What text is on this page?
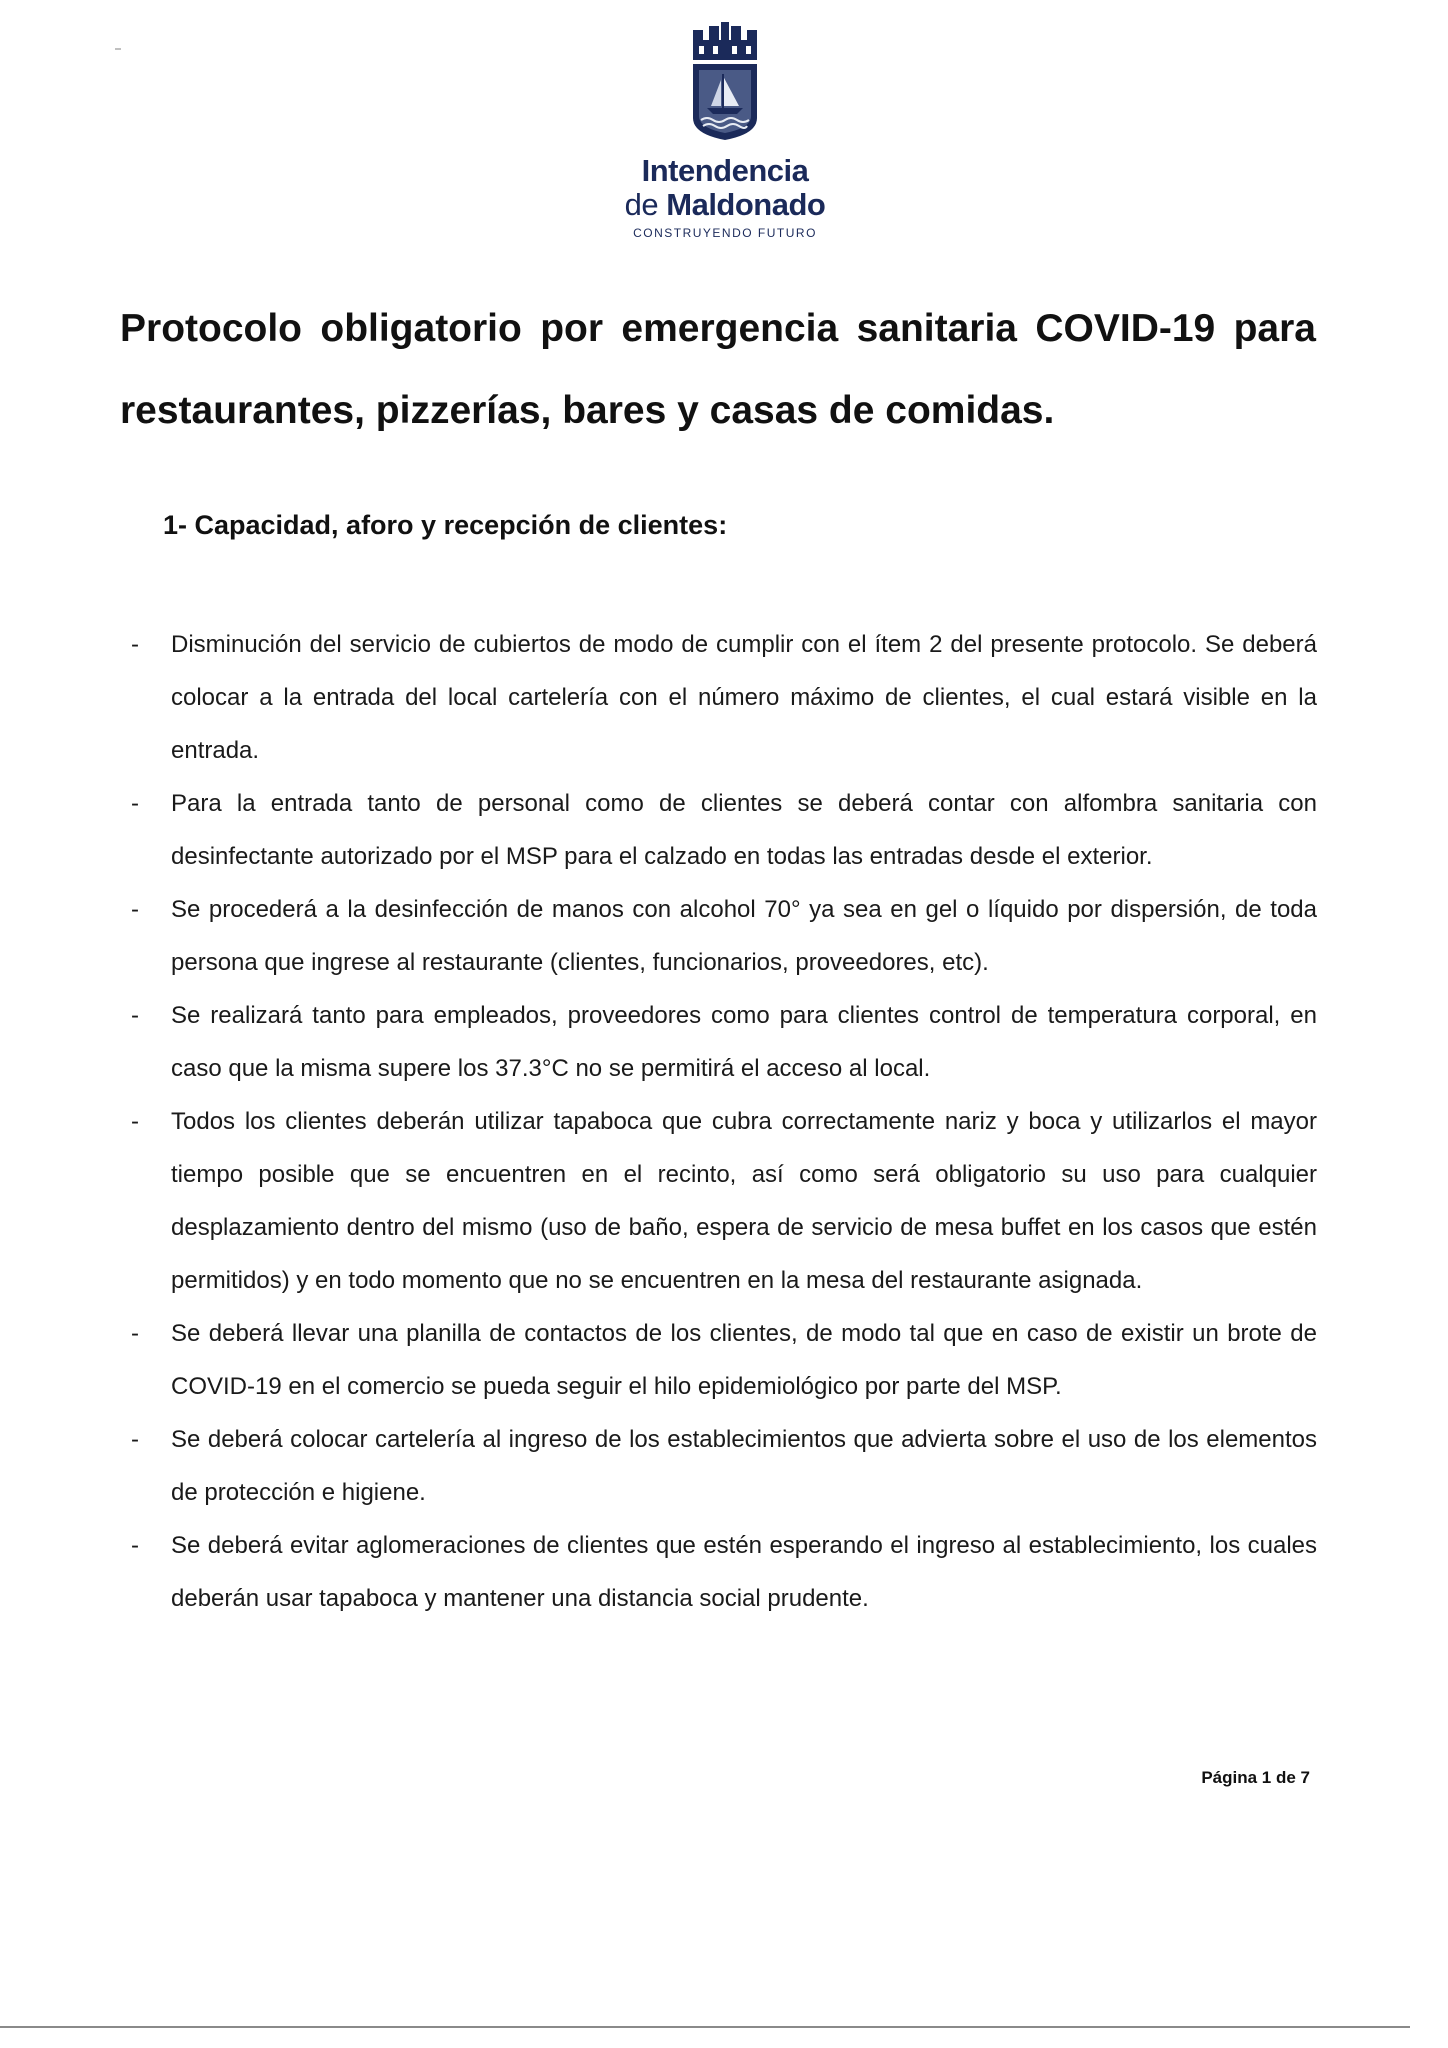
Intendencia
de Maldonado
CONSTRUYENDO FUTURO
Protocolo obligatorio por emergencia sanitaria COVID-19 para restaurantes, pizzerías, bares y casas de comidas.
1- Capacidad, aforo y recepción de clientes:
- Disminución del servicio de cubiertos de modo de cumplir con el ítem 2 del presente protocolo. Se deberá colocar a la entrada del local cartelería con el número máximo de clientes, el cual estará visible en la entrada.
- Para la entrada tanto de personal como de clientes se deberá contar con alfombra sanitaria con desinfectante autorizado por el MSP para el calzado en todas las entradas desde el exterior.
- Se procederá a la desinfección de manos con alcohol 70° ya sea en gel o líquido por dispersión, de toda persona que ingrese al restaurante (clientes, funcionarios, proveedores, etc).
- Se realizará tanto para empleados, proveedores como para clientes control de temperatura corporal, en caso que la misma supere los 37.3°C no se permitirá el acceso al local.
- Todos los clientes deberán utilizar tapaboca que cubra correctamente nariz y boca y utilizarlos el mayor tiempo posible que se encuentren en el recinto, así como será obligatorio su uso para cualquier desplazamiento dentro del mismo (uso de baño, espera de servicio de mesa buffet en los casos que estén permitidos) y en todo momento que no se encuentren en la mesa del restaurante asignada.
- Se deberá llevar una planilla de contactos de los clientes, de modo tal que en caso de existir un brote de COVID-19 en el comercio se pueda seguir el hilo epidemiológico por parte del MSP.
- Se deberá colocar cartelería al ingreso de los establecimientos que advierta sobre el uso de los elementos de protección e higiene.
- Se deberá evitar aglomeraciones de clientes que estén esperando el ingreso al establecimiento, los cuales deberán usar tapaboca y mantener una distancia social prudente.
Página 1 de 7
